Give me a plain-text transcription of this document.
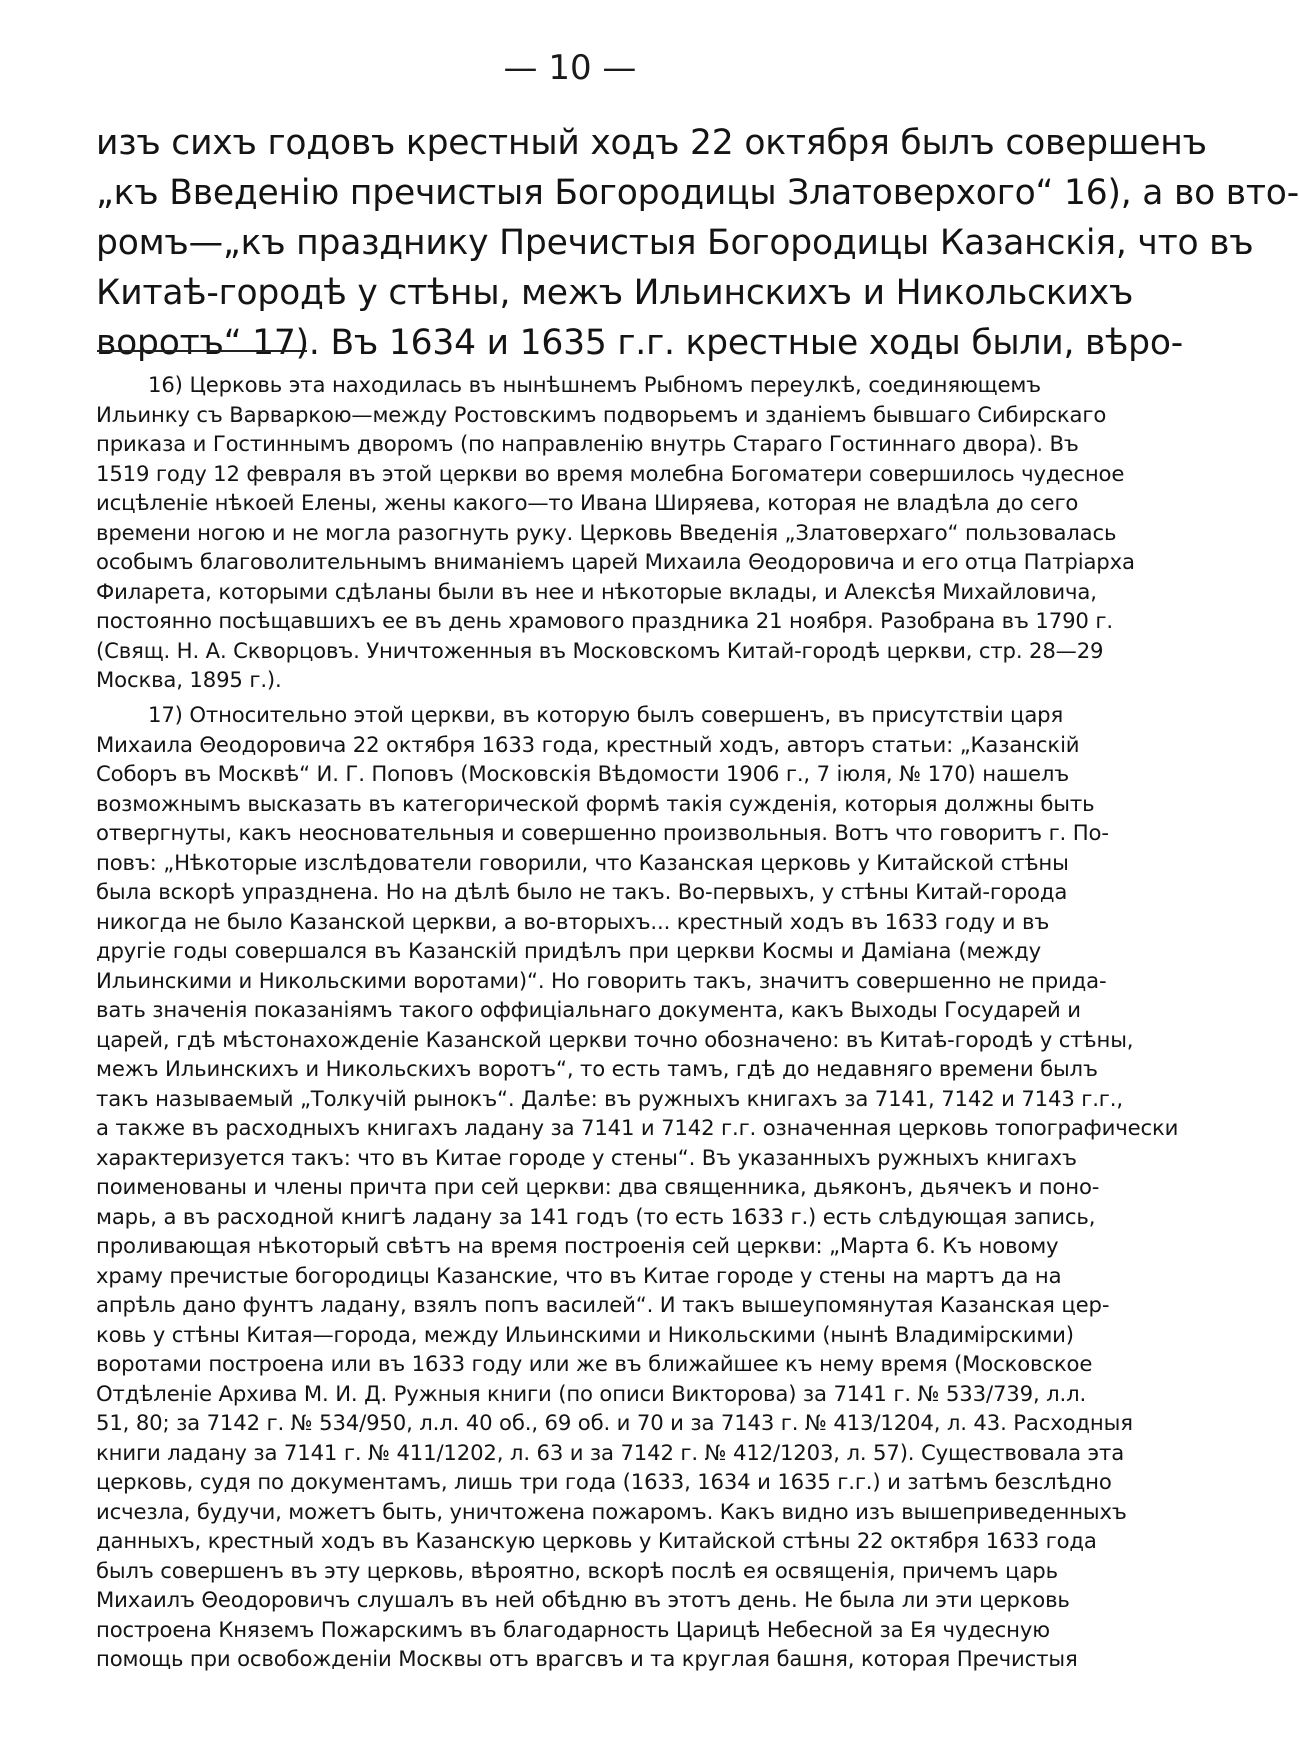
— 10 —
изъ сихъ годовъ крестный ходъ 22 октября былъ совершенъ
„къ Введенію пречистыя Богородицы Златоверхого“ 16), а во вто-
ромъ—„къ празднику Пречистыя Богородицы Казанскія, что въ
Китаѣ-городѣ у стѣны, межъ Ильинскихъ и Никольскихъ
воротъ“ 17). Въ 1634 и 1635 г.г. крестные ходы были, вѣро-
16) Церковь эта находилась въ нынѣшнемъ Рыбномъ переулкѣ, соединяющемъ
Ильинку съ Варваркою—между Ростовскимъ подворьемъ и зданіемъ бывшаго Сибирскаго
приказа и Гостиннымъ дворомъ (по направленію внутрь Стараго Гостиннаго двора). Въ
1519 году 12 февраля въ этой церкви во время молебна Богоматери совершилось чудесное
исцѣленіе нѣкоей Елены, жены какого—то Ивана Ширяева, которая не владѣла до сего
времени ногою и не могла разогнуть руку. Церковь Введенія „Златоверхаго“ пользовалась
особымъ благоволительнымъ вниманіемъ царей Михаила Θеодоровича и его отца Патріарха
Филарета, которыми сдѣланы были въ нее и нѣкоторые вклады, и Алексѣя Михайловича,
постоянно посѣщавшихъ ее въ день храмового праздника 21 ноября. Разобрана въ 1790 г.
(Свящ. Н. А. Скворцовъ. Уничтоженныя въ Московскомъ Китай-городѣ церкви, стр. 28—29
Москва, 1895 г.).
17) Относительно этой церкви, въ которую былъ совершенъ, въ присутствіи царя
Михаила Θеодоровича 22 октября 1633 года, крестный ходъ, авторъ статьи: „Казанскій
Соборъ въ Москвѣ“ И. Г. Поповъ (Московскія Вѣдомости 1906 г., 7 іюля, № 170) нашелъ
возможнымъ высказать въ категорической формѣ такія сужденія, которыя должны быть
отвергнуты, какъ неосновательныя и совершенно произвольныя. Вотъ что говоритъ г. По-
повъ: „Нѣкоторые изслѣдователи говорили, что Казанская церковь у Китайской стѣны
была вскорѣ упразднена. Но на дѣлѣ было не такъ. Во-первыхъ, у стѣны Китай-города
никогда не было Казанской церкви, а во-вторыхъ... крестный ходъ въ 1633 году и въ
другіе годы совершался въ Казанскій придѣлъ при церкви Космы и Даміана (между
Ильинскими и Никольскими воротами)“. Но говорить такъ, значитъ совершенно не прида-
вать значенія показаніямъ такого оффиціальнаго документа, какъ Выходы Государей и
царей, гдѣ мѣстонахожденіе Казанской церкви точно обозначено: въ Китаѣ-городѣ у стѣны,
межъ Ильинскихъ и Никольскихъ воротъ“, то есть тамъ, гдѣ до недавняго времени былъ
такъ называемый „Толкучій рынокъ“. Далѣе: въ ружныхъ книгахъ за 7141, 7142 и 7143 г.г.,
а также въ расходныхъ книгахъ ладану за 7141 и 7142 г.г. означенная церковь топографически
характеризуется такъ: что въ Китае городе у стены“. Въ указанныхъ ружныхъ книгахъ
поименованы и члены причта при сей церкви: два священника, дьяконъ, дьячекъ и поно-
марь, а въ расходной книгѣ ладану за 141 годъ (то есть 1633 г.) есть слѣдующая запись,
проливающая нѣкоторый свѣтъ на время построенія сей церкви: „Марта 6. Къ новому
храму пречистые богородицы Казанские, что въ Китае городе у стены на мартъ да на
апрѣль дано фунтъ ладану, взялъ попъ василей“. И такъ вышеупомянутая Казанская цер-
ковь у стѣны Китая—города, между Ильинскими и Никольскими (нынѣ Владимірскими)
воротами построена или въ 1633 году или же въ ближайшее къ нему время (Московское
Отдѣленіе Архива М. И. Д. Ружныя книги (по описи Викторова) за 7141 г. № 533/739, л.л.
51, 80; за 7142 г. № 534/950, л.л. 40 об., 69 об. и 70 и за 7143 г. № 413/1204, л. 43. Расходныя
книги ладану за 7141 г. № 411/1202, л. 63 и за 7142 г. № 412/1203, л. 57). Существовала эта
церковь, судя по документамъ, лишь три года (1633, 1634 и 1635 г.г.) и затѣмъ безслѣдно
исчезла, будучи, можетъ быть, уничтожена пожаромъ. Какъ видно изъ вышеприведенныхъ
данныхъ, крестный ходъ въ Казанскую церковь у Китайской стѣны 22 октября 1633 года
былъ совершенъ въ эту церковь, вѣроятно, вскорѣ послѣ ея освященія, причемъ царь
Михаилъ Θеодоровичъ слушалъ въ ней обѣдню въ этотъ день. Не была ли эти церковь
построена Княземъ Пожарскимъ въ благодарность Царицѣ Небесной за Ея чудесную
помощь при освобожденіи Москвы отъ врагсвъ и та круглая башня, которая Пречистыя
